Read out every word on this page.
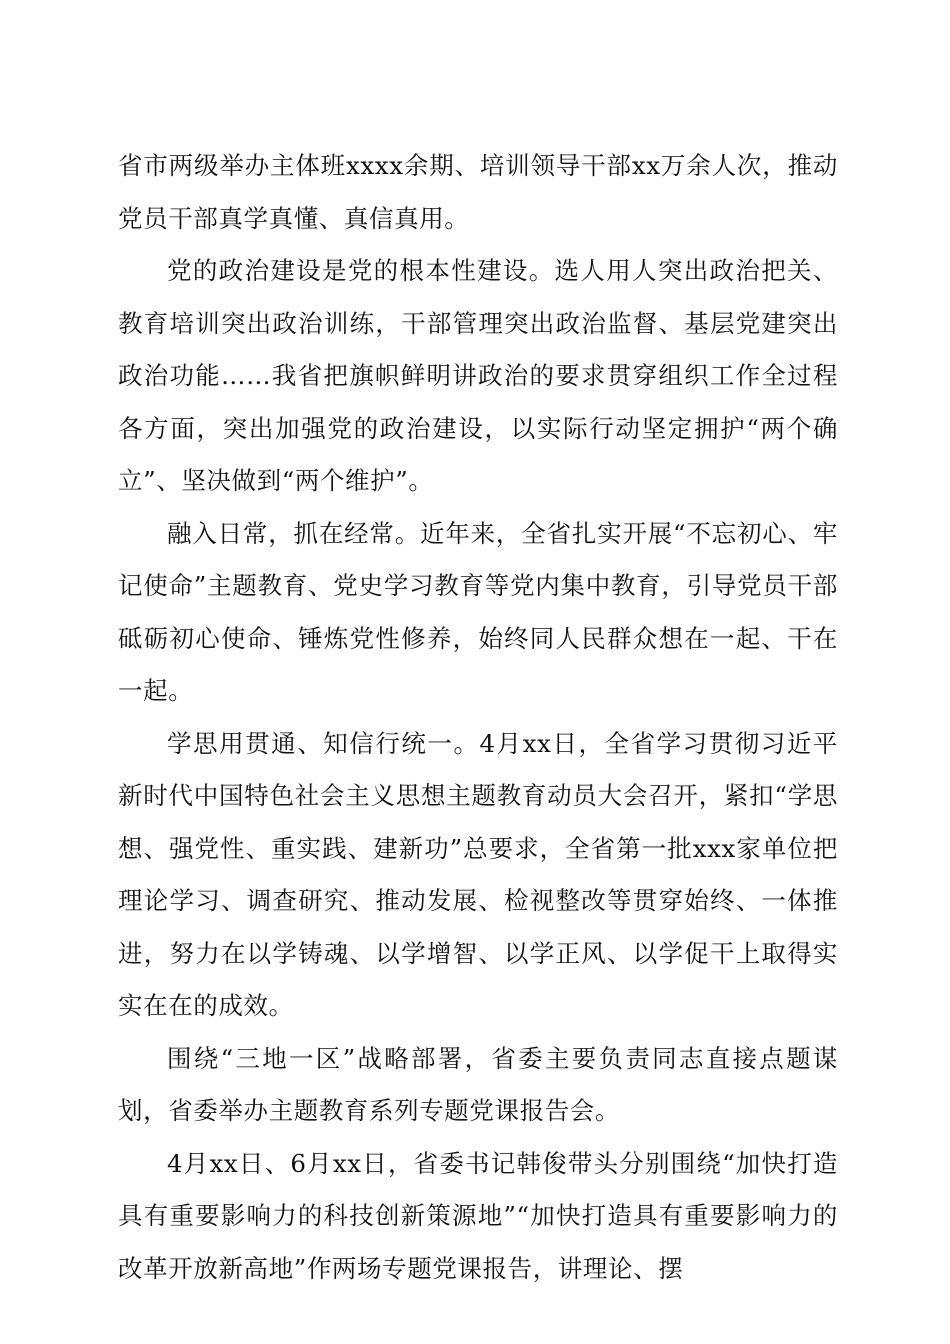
省市两级举办主体班xxxx余期、培训领导干部xx万余人次，推动党员干部真学真懂、真信真用。

党的政治建设是党的根本性建设。选人用人突出政治把关、教育培训突出政治训练，干部管理突出政治监督、基层党建突出政治功能……我省把旗帜鲜明讲政治的要求贯穿组织工作全过程各方面，突出加强党的政治建设，以实际行动坚定拥护“两个确立”、坚决做到“两个维护”。

融入日常，抓在经常。近年来，全省扎实开展“不忘初心、牢记使命”主题教育、党史学习教育等党内集中教育，引导党员干部砥砺初心使命、锤炼党性修养，始终同人民群众想在一起、干在一起。

学思用贯通、知信行统一。4月xx日，全省学习贯彻习近平新时代中国特色社会主义思想主题教育动员大会召开，紧扣“学思想、强党性、重实践、建新功”总要求，全省第一批xxx家单位把理论学习、调查研究、推动发展、检视整改等贯穿始终、一体推进，努力在以学铸魂、以学增智、以学正风、以学促干上取得实实在在的成效。

围绕“三地一区”战略部署，省委主要负责同志直接点题谋划，省委举办主题教育系列专题党课报告会。

4月xx日、6月xx日，省委书记韩俊带头分别围绕“加快打造具有重要影响力的科技创新策源地”“加快打造具有重要影响力的改革开放新高地”作两场专题党课报告，讲理论、摆
